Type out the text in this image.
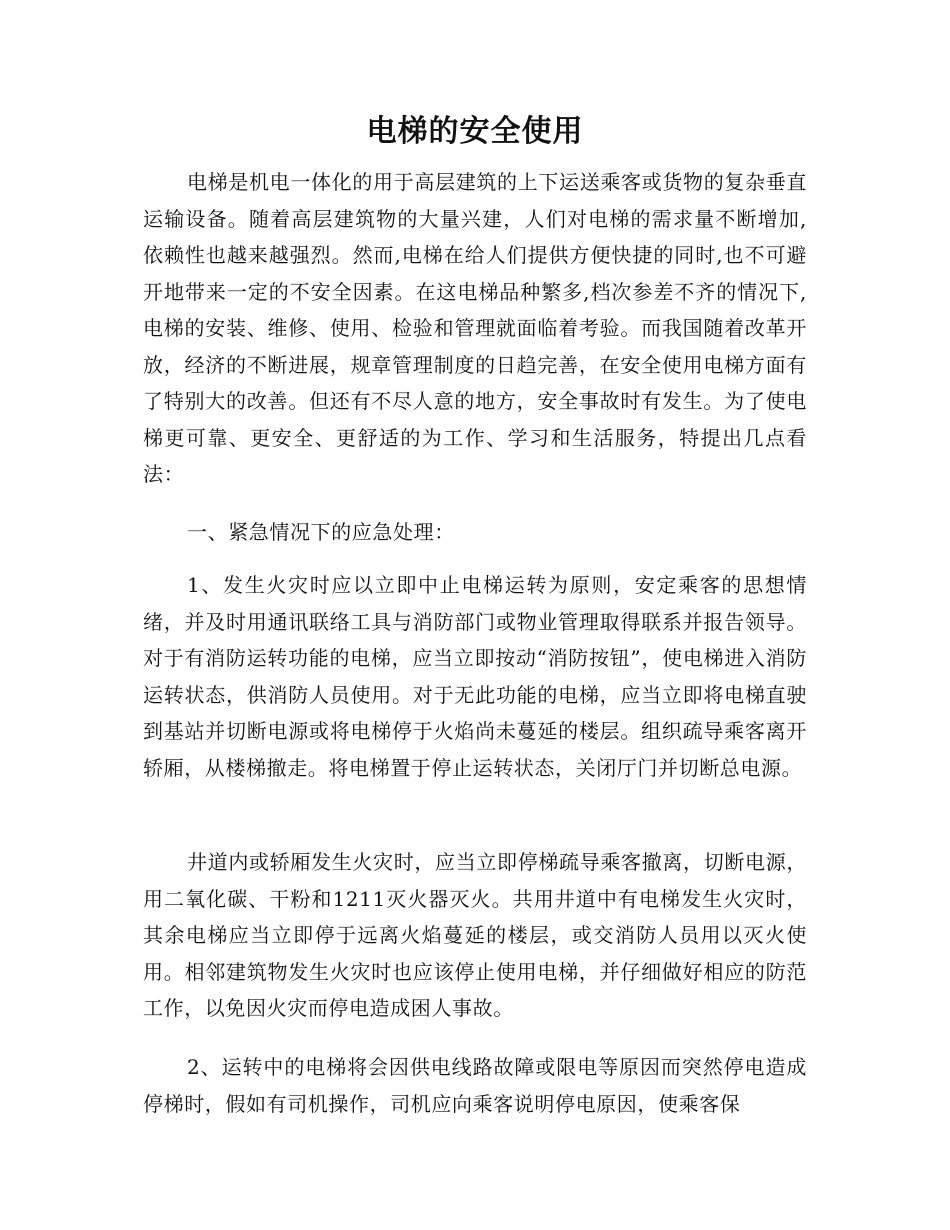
电梯的安全使用

电梯是机电一体化的用于高层建筑的上下运送乘客或货物的复杂垂直运输设备。随着高层建筑物的大量兴建，人们对电梯的需求量不断增加,依赖性也越来越强烈。然而,电梯在给人们提供方便快捷的同时,也不可避开地带来一定的不安全因素。在这电梯品种繁多,档次参差不齐的情况下,电梯的安装、维修、使用、检验和管理就面临着考验。而我国随着改革开放，经济的不断进展，规章管理制度的日趋完善，在安全使用电梯方面有了特别大的改善。但还有不尽人意的地方，安全事故时有发生。为了使电梯更可靠、更安全、更舒适的为工作、学习和生活服务，特提出几点看法：

一、紧急情况下的应急处理：

1、发生火灾时应以立即中止电梯运转为原则，安定乘客的思想情绪，并及时用通讯联络工具与消防部门或物业管理取得联系并报告领导。对于有消防运转功能的电梯，应当立即按动“消防按钮”，使电梯进入消防运转状态，供消防人员使用。对于无此功能的电梯，应当立即将电梯直驶到基站并切断电源或将电梯停于火焰尚未蔓延的楼层。组织疏导乘客离开轿厢，从楼梯撤走。将电梯置于停止运转状态，关闭厅门并切断总电源。

井道内或轿厢发生火灾时，应当立即停梯疏导乘客撤离，切断电源，用二氧化碳、干粉和1211灭火器灭火。共用井道中有电梯发生火灾时，其余电梯应当立即停于远离火焰蔓延的楼层，或交消防人员用以灭火使用。相邻建筑物发生火灾时也应该停止使用电梯，并仔细做好相应的防范工作，以免因火灾而停电造成困人事故。

2、运转中的电梯将会因供电线路故障或限电等原因而突然停电造成停梯时，假如有司机操作，司机应向乘客说明停电原因，使乘客保
